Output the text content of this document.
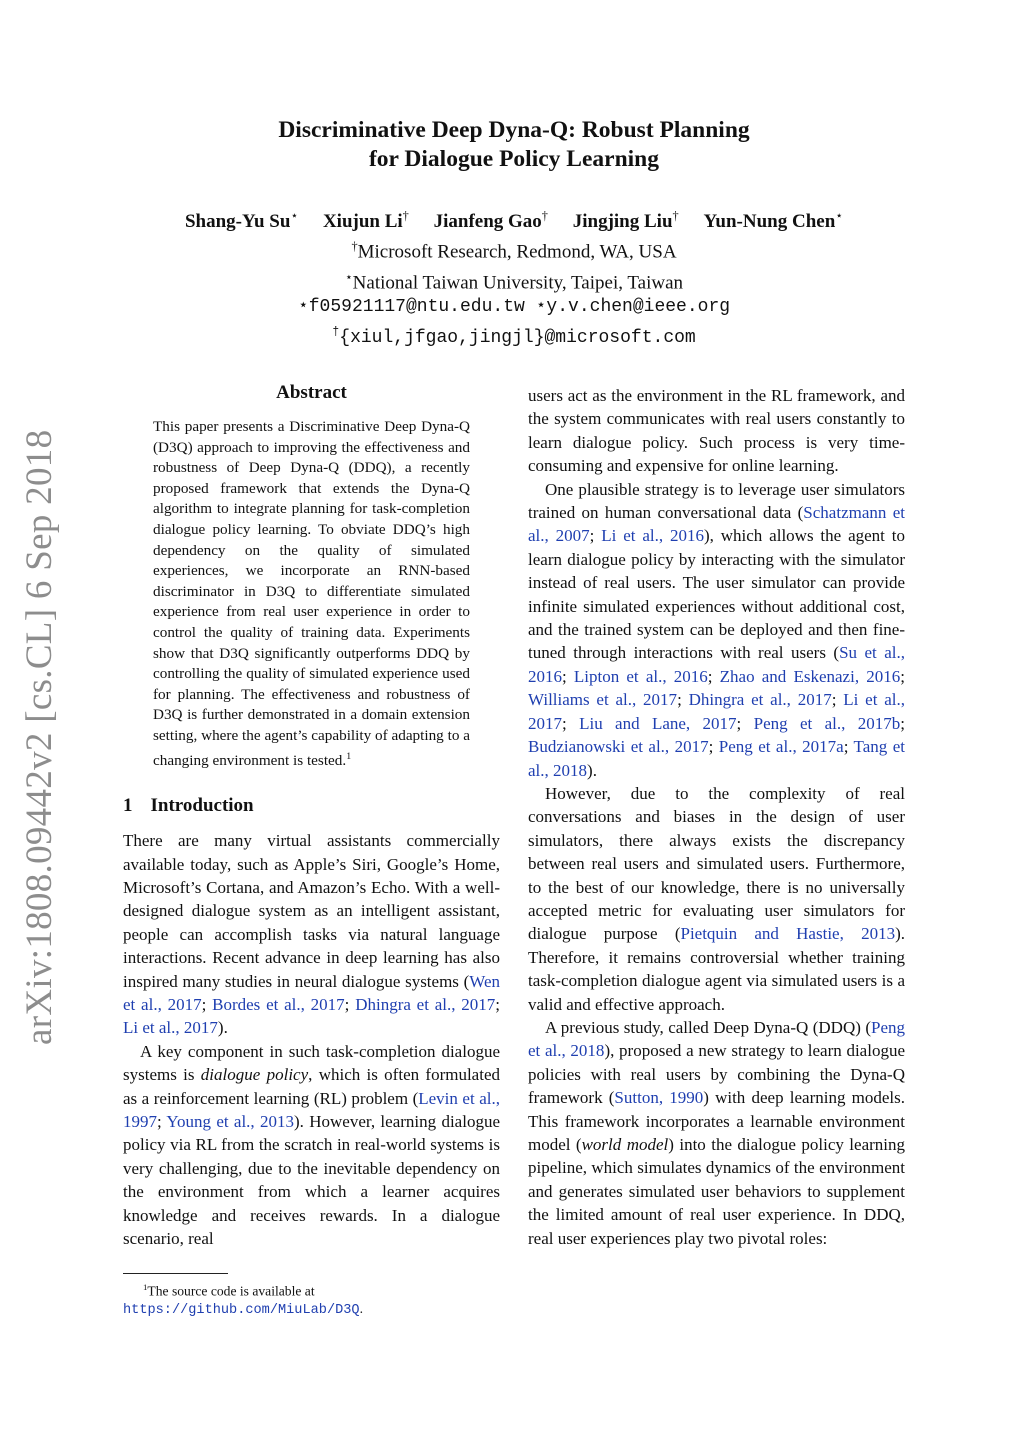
arXiv:1808.09442v2 [cs.CL] 6 Sep 2018
Discriminative Deep Dyna-Q: Robust Planning
for Dialogue Policy Learning
Shang-Yu Su⋆ Xiujun Li† Jianfeng Gao† Jingjing Liu† Yun-Nung Chen⋆
†Microsoft Research, Redmond, WA, USA
⋆National Taiwan University, Taipei, Taiwan
⋆f05921117@ntu.edu.tw ⋆y.v.chen@ieee.org
†{xiul,jfgao,jingjl}@microsoft.com
Abstract
This paper presents a Discriminative Deep Dyna-Q (D3Q) approach to improving the effectiveness and robustness of Deep Dyna-Q (DDQ), a recently proposed framework that extends the Dyna-Q algorithm to integrate planning for task-completion dialogue policy learning. To obviate DDQ’s high dependency on the quality of simulated experiences, we incorporate an RNN-based discriminator in D3Q to differentiate simulated experience from real user experience in order to control the quality of training data. Experiments show that D3Q significantly outperforms DDQ by controlling the quality of simulated experience used for planning. The effectiveness and robustness of D3Q is further demonstrated in a domain extension setting, where the agent’s capability of adapting to a changing environment is tested.$^1$
1 Introduction

There are many virtual assistants commercially available today, such as Apple’s Siri, Google’s Home, Microsoft’s Cortana, and Amazon’s Echo. With a well-designed dialogue system as an intelligent assistant, people can accomplish tasks via natural language interactions. Recent advance in deep learning has also inspired many studies in neural dialogue systems (Wen et al., 2017; Bordes et al., 2017; Dhingra et al., 2017; Li et al., 2017).

A key component in such task-completion dialogue systems is dialogue policy, which is often formulated as a reinforcement learning (RL) problem (Levin et al., 1997; Young et al., 2013). However, learning dialogue policy via RL from the scratch in real-world systems is very challenging, due to the inevitable dependency on the environment from which a learner acquires knowledge and receives rewards. In a dialogue scenario, real

$^1$The source code is available at https://github.com/MiuLab/D3Q.

users act as the environment in the RL framework, and the system communicates with real users constantly to learn dialogue policy. Such process is very time-consuming and expensive for online learning.

One plausible strategy is to leverage user simulators trained on human conversational data (Schatzmann et al., 2007; Li et al., 2016), which allows the agent to learn dialogue policy by interacting with the simulator instead of real users. The user simulator can provide infinite simulated experiences without additional cost, and the trained system can be deployed and then fine-tuned through interactions with real users (Su et al., 2016; Lipton et al., 2016; Zhao and Eskenazi, 2016; Williams et al., 2017; Dhingra et al., 2017; Li et al., 2017; Liu and Lane, 2017; Peng et al., 2017b; Budzianowski et al., 2017; Peng et al., 2017a; Tang et al., 2018).

However, due to the complexity of real conversations and biases in the design of user simulators, there always exists the discrepancy between real users and simulated users. Furthermore, to the best of our knowledge, there is no universally accepted metric for evaluating user simulators for dialogue purpose (Pietquin and Hastie, 2013). Therefore, it remains controversial whether training task-completion dialogue agent via simulated users is a valid and effective approach.

A previous study, called Deep Dyna-Q (DDQ) (Peng et al., 2018), proposed a new strategy to learn dialogue policies with real users by combining the Dyna-Q framework (Sutton, 1990) with deep learning models. This framework incorporates a learnable environment model (world model) into the dialogue policy learning pipeline, which simulates dynamics of the environment and generates simulated user behaviors to supplement the limited amount of real user experience. In DDQ, real user experiences play two pivotal roles:
